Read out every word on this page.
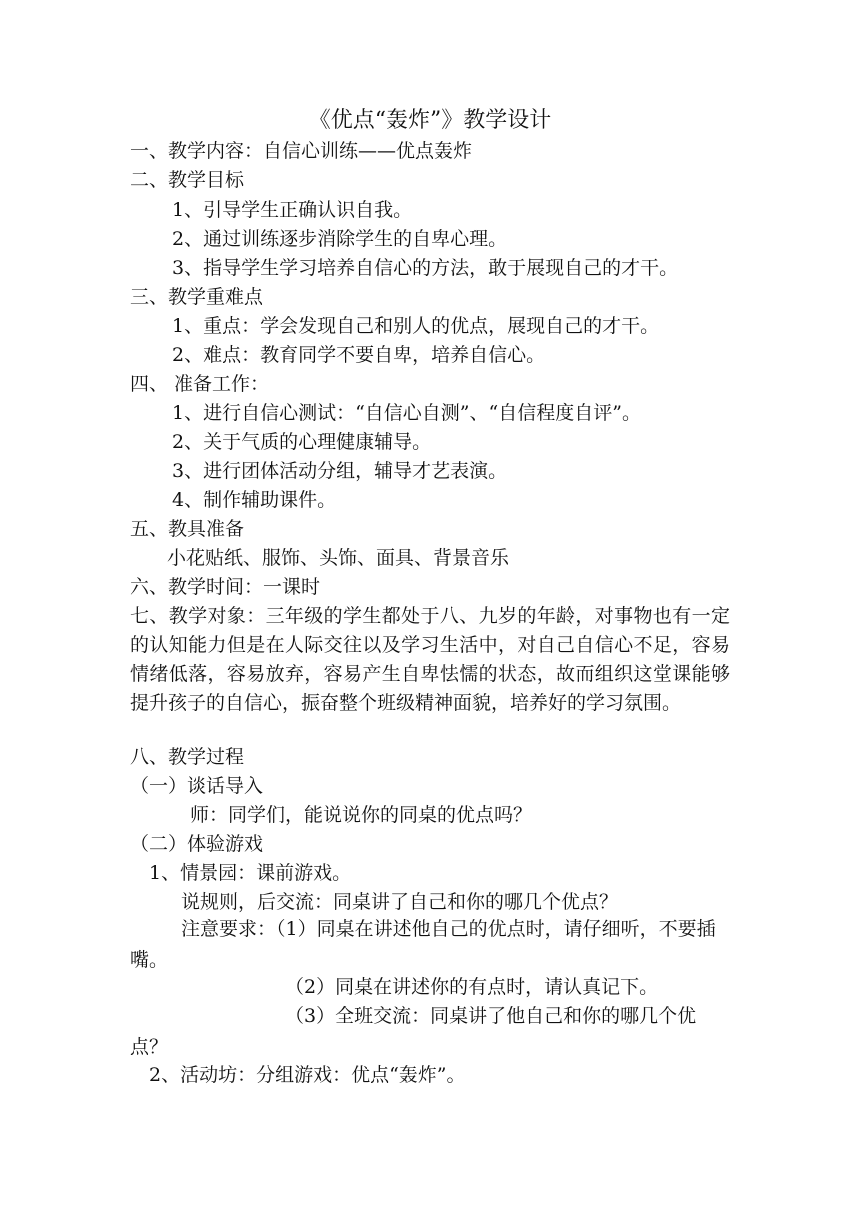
《优点“轰炸”》教学设计
一、教学内容：自信心训练——优点轰炸
二、教学目标
1、引导学生正确认识自我。
2、通过训练逐步消除学生的自卑心理。
3、指导学生学习培养自信心的方法，敢于展现自己的才干。
三、教学重难点
1、重点：学会发现自己和别人的优点，展现自己的才干。
2、难点：教育同学不要自卑，培养自信心。
四、 准备工作：
1、进行自信心测试：“自信心自测”、“自信程度自评”。
2、关于气质的心理健康辅导。
3、进行团体活动分组，辅导才艺表演。
4、制作辅助课件。
五、教具准备
小花贴纸、服饰、头饰、面具、背景音乐
六、教学时间：一课时
七、教学对象：三年级的学生都处于八、九岁的年龄，对事物也有一定的认知能力但是在人际交往以及学习生活中，对自己自信心不足，容易情绪低落，容易放弃，容易产生自卑怯懦的状态，故而组织这堂课能够提升孩子的自信心，振奋整个班级精神面貌，培养好的学习氛围。
八、教学过程
（一）谈话导入
师：同学们，能说说你的同桌的优点吗？
（二）体验游戏
1、情景园：课前游戏。
说规则，后交流：同桌讲了自己和你的哪几个优点？
注意要求：（1）同桌在讲述他自己的优点时，请仔细听，不要插嘴。
（2）同桌在讲述你的有点时，请认真记下。
（3）全班交流：同桌讲了他自己和你的哪几个优点？
2、活动坊：分组游戏：优点“轰炸”。
